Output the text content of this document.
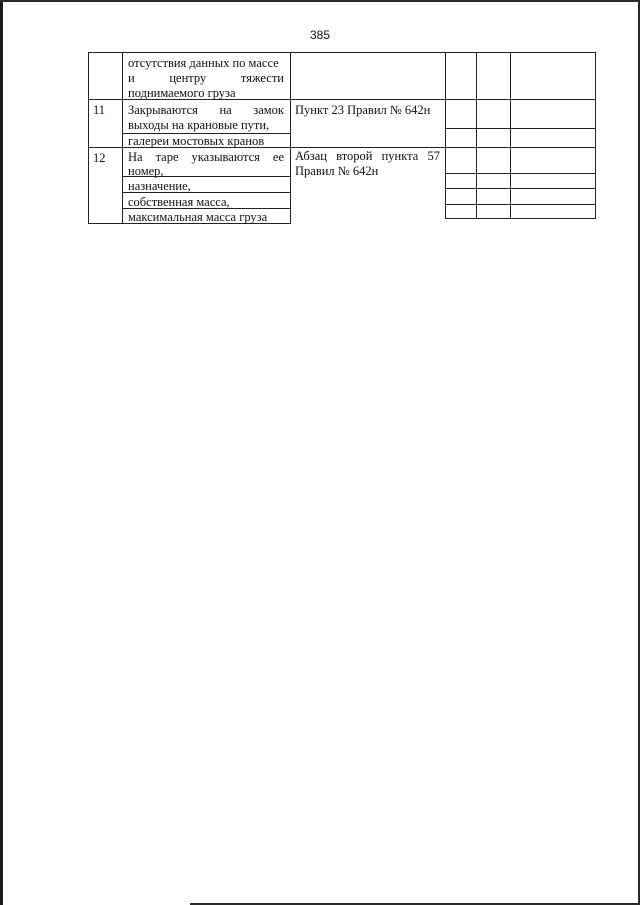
385
отсутствия данных по массе
и центру тяжести
поднимаемого груза
11 Закрываются на замок
выходы на крановые пути,
галереи мостовых кранов
Пункт 23 Правил № 642н
12 На таре указываются ее
номер,
назначение,
собственная масса,
максимальная масса груза
Абзац второй пункта 57
Правил № 642н
